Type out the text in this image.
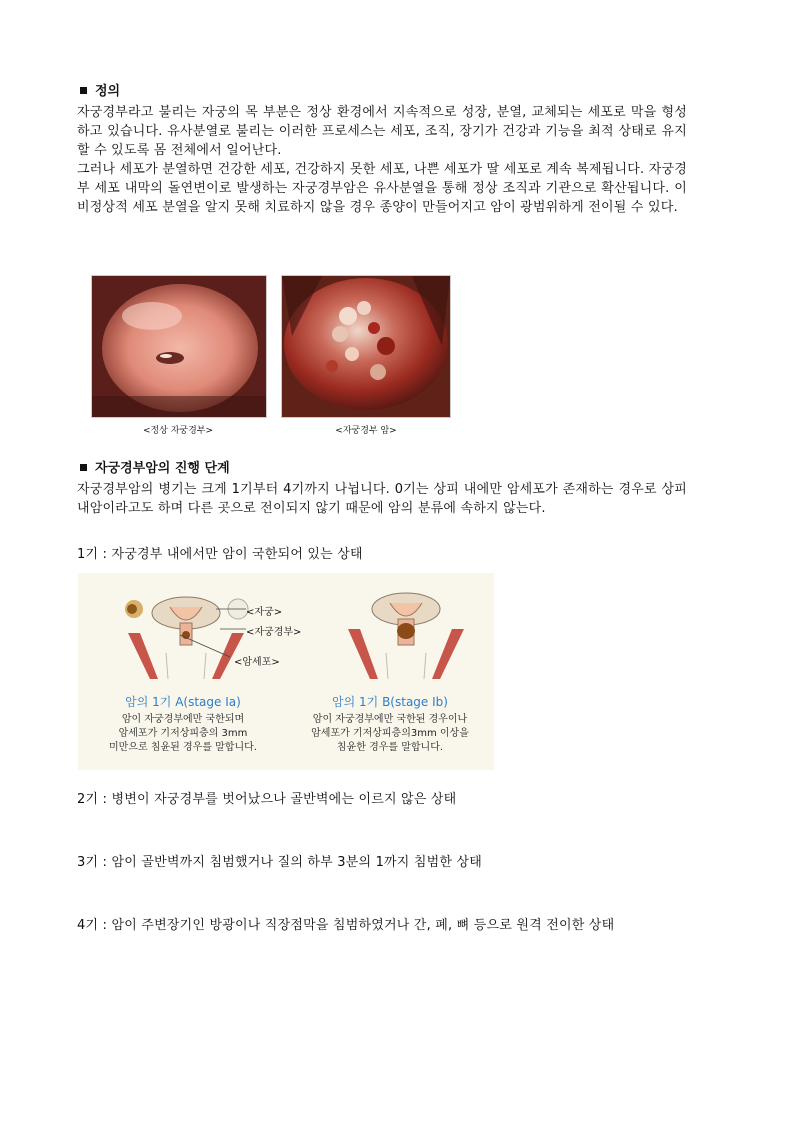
정의

자궁경부라고 불리는 자궁의 목 부분은 정상 환경에서 지속적으로 성장, 분열, 교체되는 세포로 막을 형성하고 있습니다. 유사분열로 불리는 이러한 프로세스는 세포, 조직, 장기가 건강과 기능을 최적 상태로 유지할 수 있도록 몸 전체에서 일어난다.

그러나 세포가 분열하면 건강한 세포, 건강하지 못한 세포, 나쁜 세포가 딸 세포로 계속 복제됩니다. 자궁경부 세포 내막의 돌연변이로 발생하는 자궁경부암은 유사분열을 통해 정상 조직과 기관으로 확산됩니다. 이 비정상적 세포 분열을 알지 못해 치료하지 않을 경우 종양이 만들어지고 암이 광범위하게 전이될 수 있다.

<정상 자궁경부>	<자궁경부 암>
자궁경부암의 진행 단계

자궁경부암의 병기는 크게 1기부터 4기까지 나뉩니다. 0기는 상피 내에만 암세포가 존재하는 경우로 상피내암이라고도 하며 다른 곳으로 전이되지 않기 때문에 암의 분류에 속하지 않는다.

1기 : 자궁경부 내에서만 암이 국한되어 있는 상태
<자궁>
<자궁경부>
<암세포>
암의 1기 A(stage Ⅰa)
암이 자궁경부에만 국한되며
암세포가 기저상피층의 3mm
미만으로 침윤된 경우를 말합니다.
암의 1기 B(stage Ⅰb)
암이 자궁경부에만 국한된 경우이나
암세포가 기저상피층의3mm 이상을
침윤한 경우를 말합니다.
2기 : 병변이 자궁경부를 벗어났으나 골반벽에는 이르지 않은 상태
3기 : 암이 골반벽까지 침범했거나 질의 하부 3분의 1까지 침범한 상태
4기 : 암이 주변장기인 방광이나 직장점막을 침범하였거나 간, 폐, 뼈 등으로 원격 전이한 상태
